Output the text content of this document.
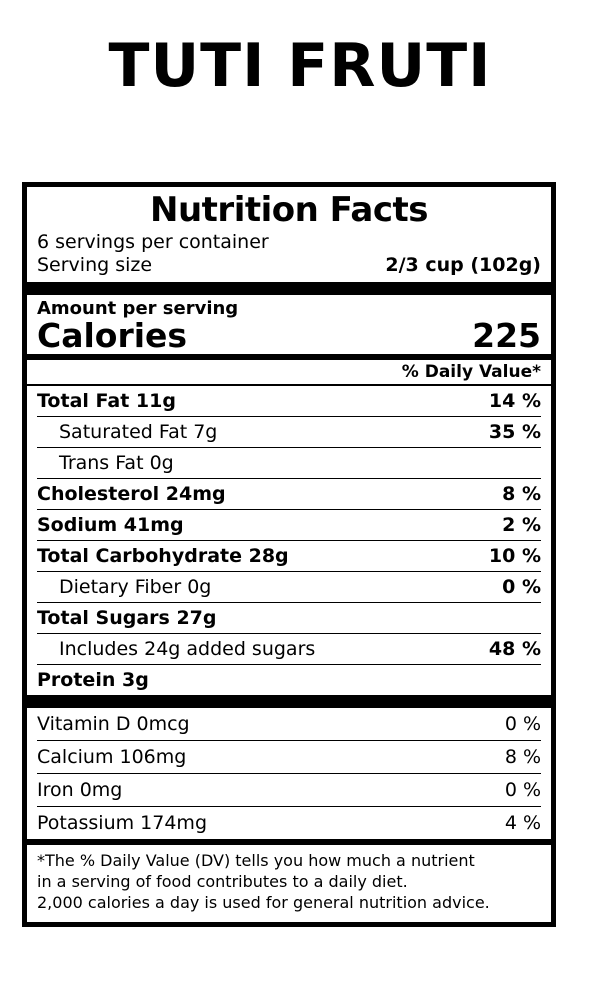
TUTI FRUTI
Nutrition Facts
6 servings per container
Serving size	2/3 cup (102g)
Amount per serving
Calories	225
% Daily Value*
Total Fat 11g	14 %
Saturated Fat 7g	35 %
Trans Fat 0g
Cholesterol 24mg	8 %
Sodium 41mg	2 %
Total Carbohydrate 28g	10 %
Dietary Fiber 0g	0 %
Total Sugars 27g
Includes 24g added sugars	48 %
Protein 3g
Vitamin D 0mcg	0 %
Calcium 106mg	8 %
Iron 0mg	0 %
Potassium 174mg	4 %
*The % Daily Value (DV) tells you how much a nutrient
in a serving of food contributes to a daily diet.
2,000 calories a day is used for general nutrition advice.
